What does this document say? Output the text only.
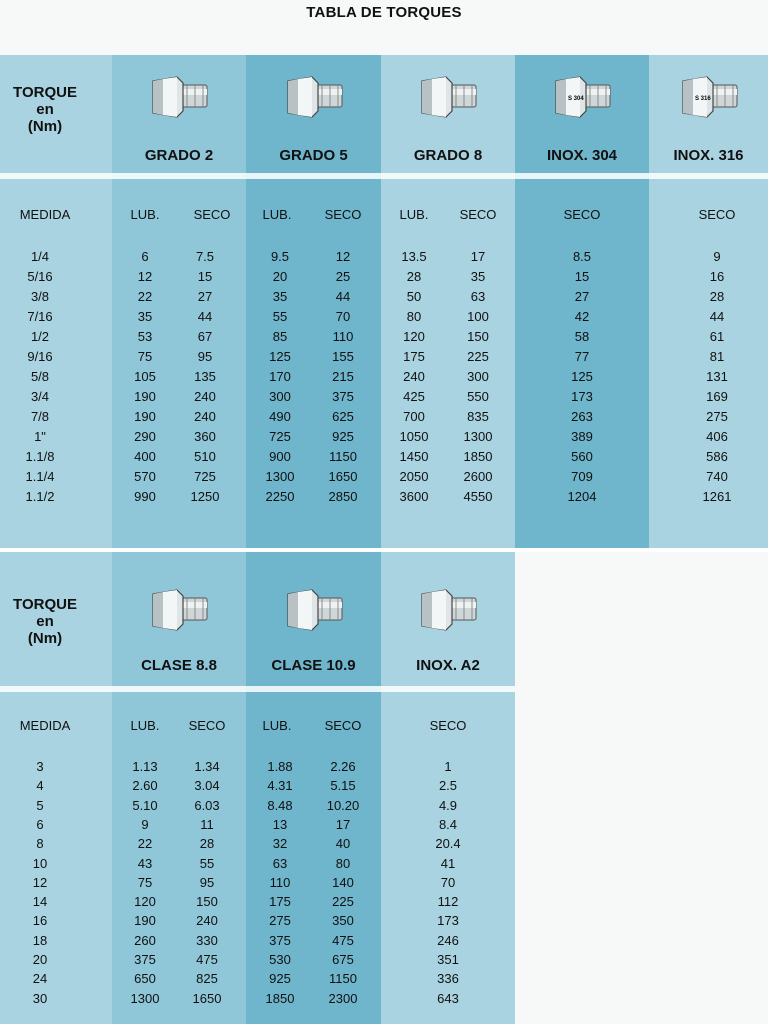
TABLA DE TORQUES
TORQUE
en
(Nm)
GRADO 2	GRADO 5	GRADO 8
S 304
INOX. 304
S 316
INOX. 316
MEDIDA	LUB.	SECO	LUB.	SECO	LUB.	SECO	SECO	SECO
1/4	6	7.5	9.5	12	13.5	17	8.5	9
5/16	12	15	20	25	28	35	15	16
3/8	22	27	35	44	50	63	27	28
7/16	35	44	55	70	80	100	42	44
1/2	53	67	85	110	120	150	58	61
9/16	75	95	125	155	175	225	77	81
5/8	105	135	170	215	240	300	125	131
3/4	190	240	300	375	425	550	173	169
7/8	190	240	490	625	700	835	263	275
1"	290	360	725	925	1050	1300	389	406
1.1/8	400	510	900	1150	1450	1850	560	586
1.1/4	570	725	1300	1650	2050	2600	709	740
1.1/2	990	1250	2250	2850	3600	4550	1204	1261
TORQUE
en
(Nm)
CLASE 8.8	CLASE 10.9	INOX. A2
MEDIDA	LUB.	SECO	LUB.	SECO	SECO
3	1.13	1.34	1.88	2.26	1
4	2.60	3.04	4.31	5.15	2.5
5	5.10	6.03	8.48	10.20	4.9
6	9	11	13	17	8.4
8	22	28	32	40	20.4
10	43	55	63	80	41
12	75	95	110	140	70
14	120	150	175	225	112
16	190	240	275	350	173
18	260	330	375	475	246
20	375	475	530	675	351
24	650	825	925	1150	336
30	1300	1650	1850	2300	643
